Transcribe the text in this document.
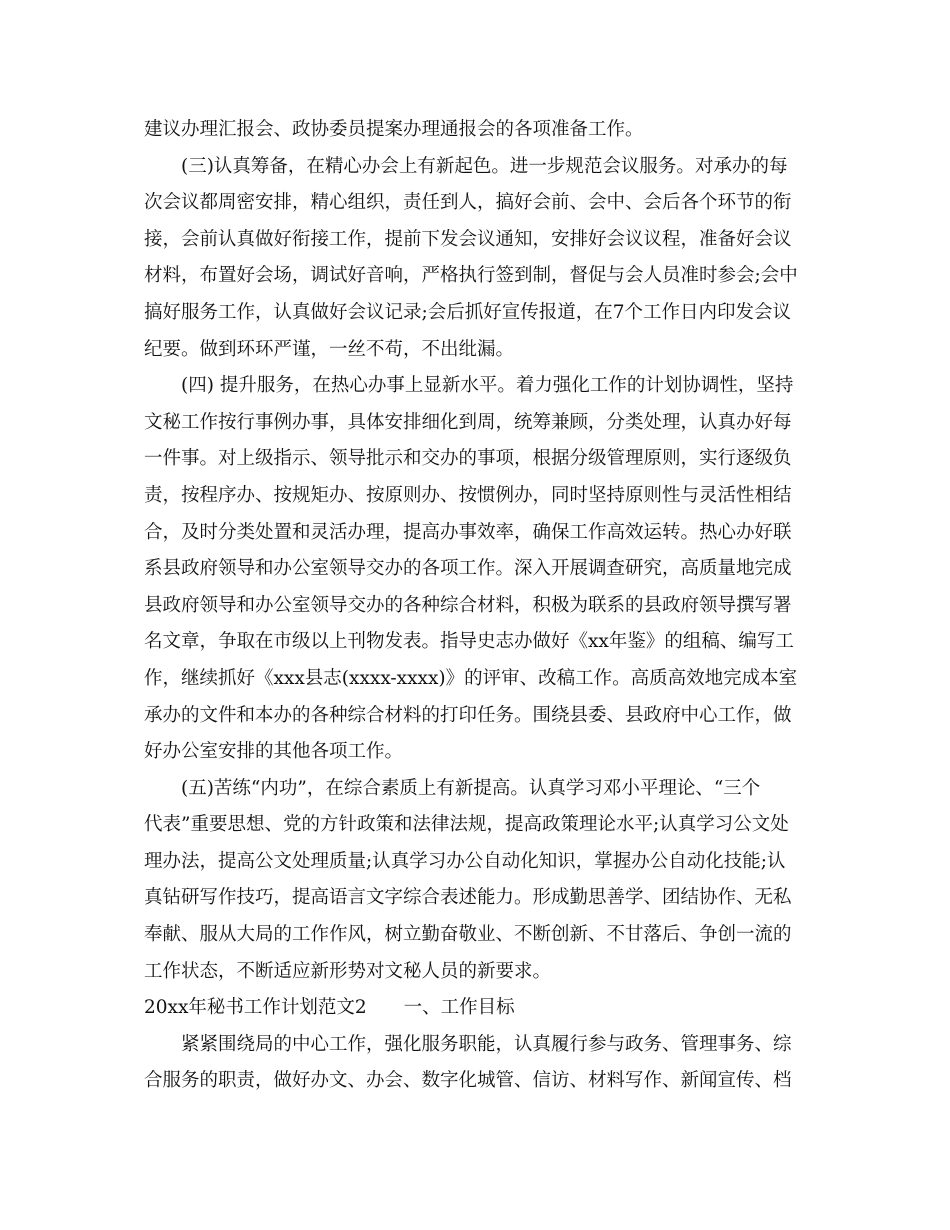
建议办理汇报会、政协委员提案办理通报会的各项准备工作。
(三)认真筹备，在精心办会上有新起色。进一步规范会议服务。对承办的每
次会议都周密安排，精心组织，责任到人，搞好会前、会中、会后各个环节的衔
接，会前认真做好衔接工作，提前下发会议通知，安排好会议议程，准备好会议
材料，布置好会场，调试好音响，严格执行签到制，督促与会人员准时参会;会中
搞好服务工作，认真做好会议记录;会后抓好宣传报道，在7个工作日内印发会议
纪要。做到环环严谨，一丝不苟，不出纰漏。
(四) 提升服务，在热心办事上显新水平。着力强化工作的计划协调性，坚持
文秘工作按行事例办事，具体安排细化到周，统筹兼顾，分类处理，认真办好每
一件事。对上级指示、领导批示和交办的事项，根据分级管理原则，实行逐级负
责，按程序办、按规矩办、按原则办、按惯例办，同时坚持原则性与灵活性相结
合，及时分类处置和灵活办理，提高办事效率，确保工作高效运转。热心办好联
系县政府领导和办公室领导交办的各项工作。深入开展调查研究，高质量地完成
县政府领导和办公室领导交办的各种综合材料，积极为联系的县政府领导撰写署
名文章，争取在市级以上刊物发表。指导史志办做好《xx年鉴》的组稿、编写工
作，继续抓好《xxx县志(xxxx-xxxx)》的评审、改稿工作。高质高效地完成本室
承办的文件和本办的各种综合材料的打印任务。围绕县委、县政府中心工作，做
好办公室安排的其他各项工作。
(五)苦练“内功”，在综合素质上有新提高。认真学习邓小平理论、“三个
代表”重要思想、党的方针政策和法律法规，提高政策理论水平;认真学习公文处
理办法，提高公文处理质量;认真学习办公自动化知识，掌握办公自动化技能;认
真钻研写作技巧，提高语言文字综合表述能力。形成勤思善学、团结协作、无私
奉献、服从大局的工作作风，树立勤奋敬业、不断创新、不甘落后、争创一流的
工作状态，不断适应新形势对文秘人员的新要求。
20xx年秘书工作计划范文2　　一、工作目标
紧紧围绕局的中心工作，强化服务职能，认真履行参与政务、管理事务、综
合服务的职责，做好办文、办会、数字化城管、信访、材料写作、新闻宣传、档
